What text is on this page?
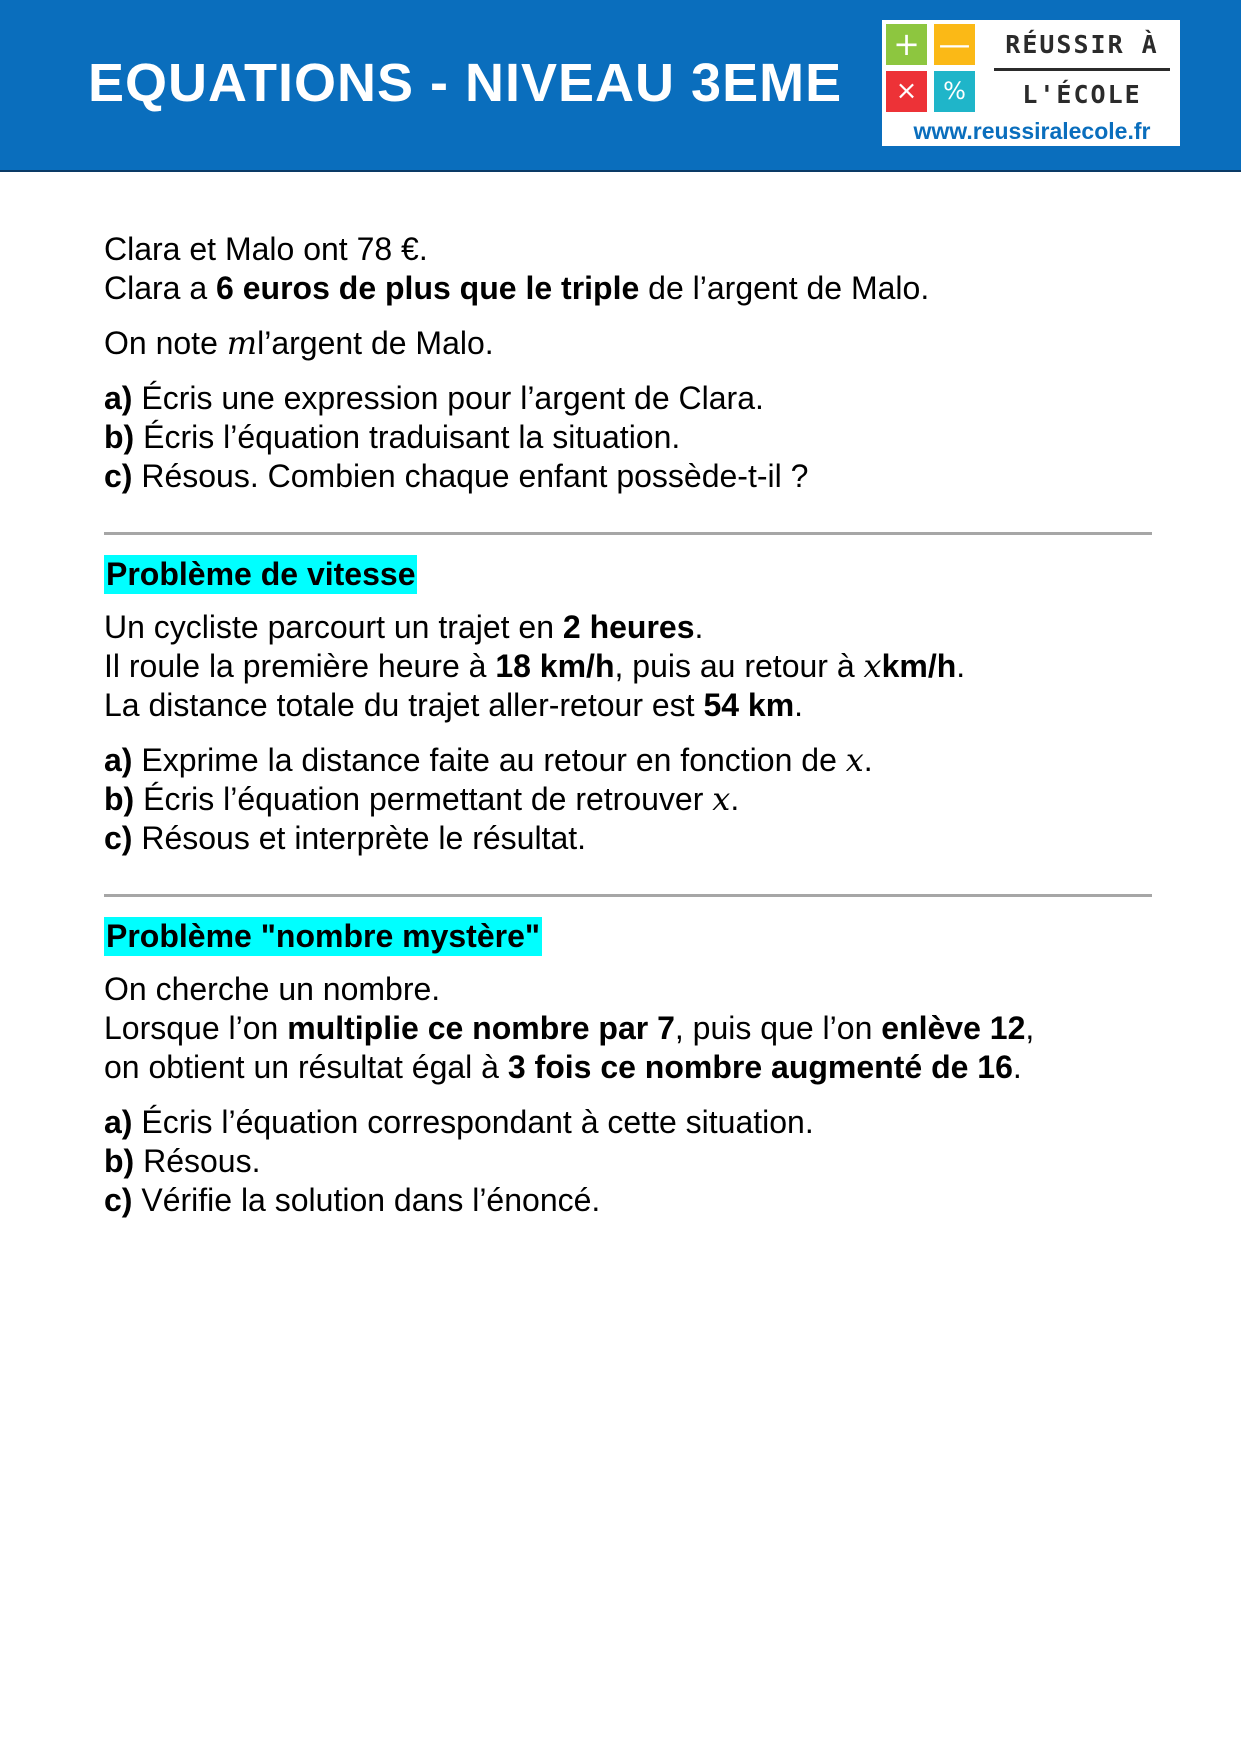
EQUATIONS - NIVEAU 3EME
+ —
×	%
RÉUSSIR À
L'ÉCOLE
www.reussiralecole.fr
Clara et Malo ont 78 €.
Clara a 6 euros de plus que le triple de l’argent de Malo.
On note ml’argent de Malo.
a) Écris une expression pour l’argent de Clara.
b) Écris l’équation traduisant la situation.
c) Résous. Combien chaque enfant possède-t-il ?
Problème de vitesse
Un cycliste parcourt un trajet en 2 heures.
Il roule la première heure à 18 km/h, puis au retour à xkm/h.
La distance totale du trajet aller-retour est 54 km.
a) Exprime la distance faite au retour en fonction de x.
b) Écris l’équation permettant de retrouver x.
c) Résous et interprète le résultat.
Problème "nombre mystère"
On cherche un nombre.
Lorsque l’on multiplie ce nombre par 7, puis que l’on enlève 12,
on obtient un résultat égal à 3 fois ce nombre augmenté de 16.
a) Écris l’équation correspondant à cette situation.
b) Résous.
c) Vérifie la solution dans l’énoncé.
